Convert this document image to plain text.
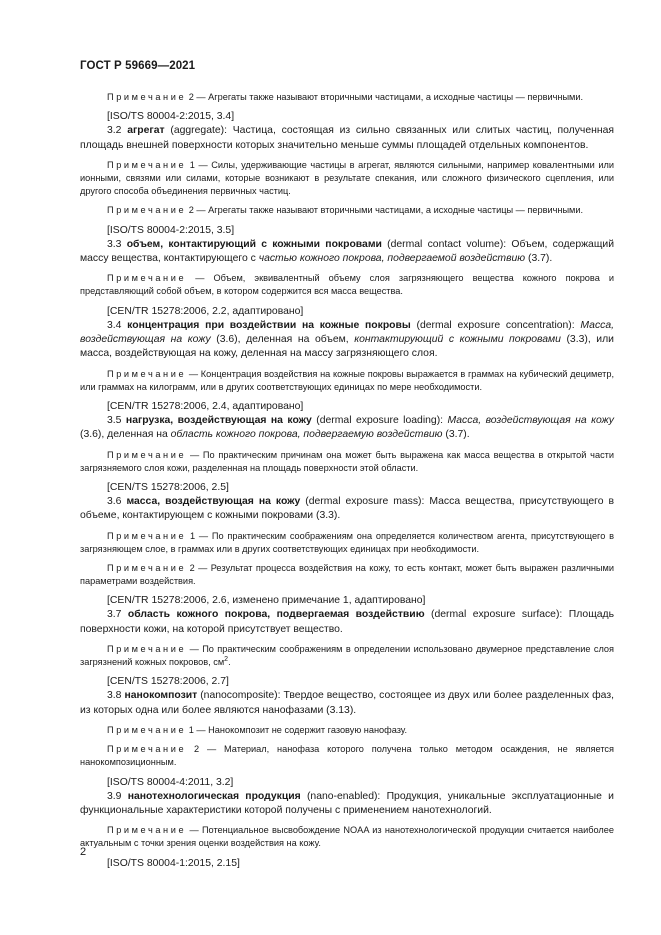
ГОСТ Р 59669—2021

Примечание 2 — Агрегаты также называют вторичными частицами, а исходные частицы — первичными.

[ISO/TS 80004-2:2015, 3.4]

3.2 агрегат (aggregate): Частица, состоящая из сильно связанных или слитых частиц, полученная площадь внешней поверхности которых значительно меньше суммы площадей отдельных компонентов.

Примечание 1 — Силы, удерживающие частицы в агрегат, являются сильными, например ковалентными или ионными, связями или силами, которые возникают в результате спекания, или сложного физического сцепления, или другого способа объединения первичных частиц.

Примечание 2 — Агрегаты также называют вторичными частицами, а исходные частицы — первичными.

[ISO/TS 80004-2:2015, 3.5]

3.3 объем, контактирующий с кожными покровами (dermal contact volume): Объем, содержащий массу вещества, контактирующего с частью кожного покрова, подвергаемой воздействию (3.7).

Примечание — Объем, эквивалентный объему слоя загрязняющего вещества кожного покрова и представляющий собой объем, в котором содержится вся масса вещества.

[CEN/TR 15278:2006, 2.2, адаптировано]

3.4 концентрация при воздействии на кожные покровы (dermal exposure concentration): Масса, воздействующая на кожу (3.6), деленная на объем, контактирующий с кожными покровами (3.3), или масса, воздействующая на кожу, деленная на массу загрязняющего слоя.

Примечание — Концентрация воздействия на кожные покровы выражается в граммах на кубический дециметр, или граммах на килограмм, или в других соответствующих единицах по мере необходимости.

[CEN/TR 15278:2006, 2.4, адаптировано]

3.5 нагрузка, воздействующая на кожу (dermal exposure loading): Масса, воздействующая на кожу (3.6), деленная на область кожного покрова, подвергаемую воздействию (3.7).

Примечание — По практическим причинам она может быть выражена как масса вещества в открытой части загрязняемого слоя кожи, разделенная на площадь поверхности этой области.

[CEN/TS 15278:2006, 2.5]

3.6 масса, воздействующая на кожу (dermal exposure mass): Масса вещества, присутствующего в объеме, контактирующем с кожными покровами (3.3).

Примечание 1 — По практическим соображениям она определяется количеством агента, присутствующего в загрязняющем слое, в граммах или в других соответствующих единицах при необходимости.

Примечание 2 — Результат процесса воздействия на кожу, то есть контакт, может быть выражен различными параметрами воздействия.

[CEN/TR 15278:2006, 2.6, изменено примечание 1, адаптировано]

3.7 область кожного покрова, подвергаемая воздействию (dermal exposure surface): Площадь поверхности кожи, на которой присутствует вещество.

Примечание — По практическим соображениям в определении использовано двумерное представление слоя загрязнений кожных покровов, $см^2$.

[CEN/TS 15278:2006, 2.7]

3.8 нанокомпозит (nanocomposite): Твердое вещество, состоящее из двух или более разделенных фаз, из которых одна или более являются нанофазами (3.13).

Примечание 1 — Нанокомпозит не содержит газовую нанофазу.

Примечание 2 — Материал, нанофаза которого получена только методом осаждения, не является нанокомпозиционным.

[ISO/TS 80004-4:2011, 3.2]

3.9 нанотехнологическая продукция (nano-enabled): Продукция, уникальные эксплуатационные и функциональные характеристики которой получены с применением нанотехнологий.

Примечание — Потенциальное высвобождение NOAA из нанотехнологической продукции считается наиболее актуальным с точки зрения оценки воздействия на кожу.

[ISO/TS 80004-1:2015, 2.15]

2
